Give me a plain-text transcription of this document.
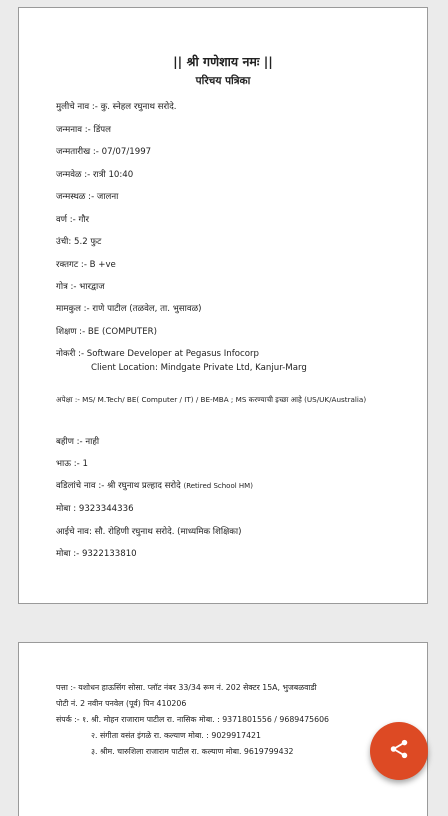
|| श्री गणेशाय नमः ||
परिचय पत्रिका
मुलीचे नाव :- कु. स्नेहल रघुनाथ सरोदे.
जन्मनाव :- डिंपल
जन्मतारीख :- 07/07/1997
जन्मवेळ :- रात्री 10:40
जन्मस्थळ :- जालना
वर्ण :- गौर
उंची: 5.2 फुट
रक्तगट :- B +ve
गोत्र :- भारद्वाज
मामकुल :- राणे पाटील (तळवेल, ता. भुसावळ)
शिक्षण :- BE (COMPUTER)
नोकरी :- Software Developer at Pegasus Infocorp
Client Location: Mindgate Private Ltd, Kanjur-Marg
अपेक्षा :- MS/ M.Tech/ BE( Computer / IT) / BE-MBA ; MS करण्याची इच्छा आहे (US/UK/Australia)
बहीण :- नाही
भाऊ :- 1
वडिलांचे नाव :- श्री रघुनाथ प्रल्हाद सरोदे (Retired School HM)
मोबा : 9323344336
आईचे नाव: सौ. रोहिणी रघुनाथ सरोदे. (माध्यमिक शिक्षिका)
मोबा :- 9322133810
पत्ता :- यशोधन हाऊसिंग सोसा. प्लॉट नंबर 33/34 रूम नं. 202 सेक्टर 15A, भुजबळवाडी
पोटी नं. 2 नवीन पनवेल (पूर्व) पिन 410206
संपर्क :- १. श्री. मोहन राजाराम पाटील रा. नासिक मोबा. : 9371801556 / 9689475606
२. संगीता वसंत इंगळे रा. कल्याण मोबा. : 9029917421
३. श्रीम. चारुशिला राजाराम पाटील रा. कल्याण मोबा. 9619799432
